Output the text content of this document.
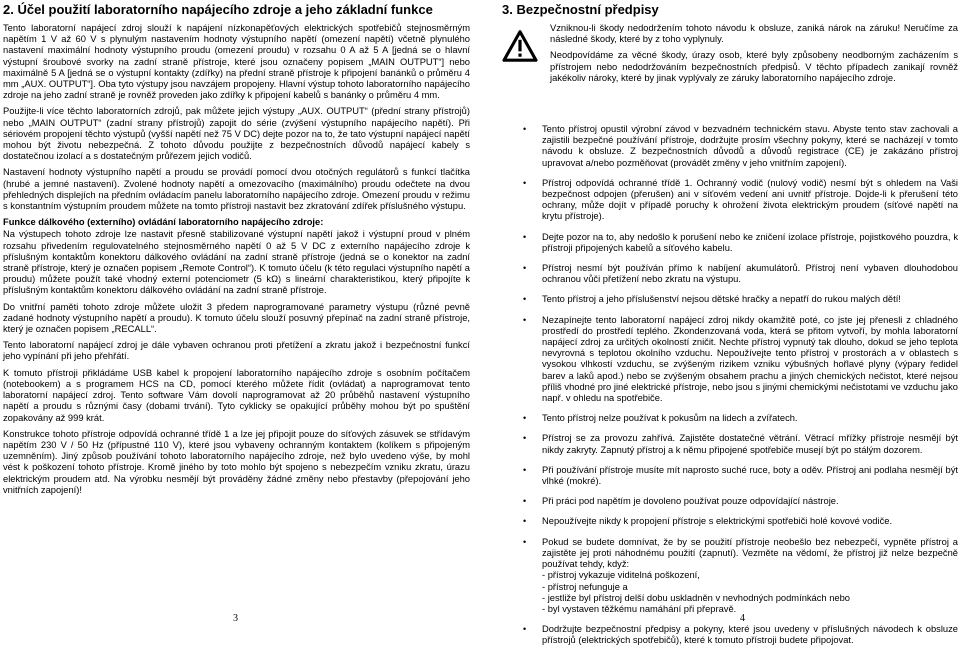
2. Účel použití laboratorního napájecího zdroje a jeho základní funkce

Tento laboratorní napájecí zdroj slouží k napájení nízkonapěťových elektrických spotřebičů stejnosměrným napětím 1 V až 60 V s plynulým nastavením hodnoty výstupního napětí (omezení napětí) včetně plynulého nastavení maximální hodnoty výstupního proudu (omezení proudu) v rozsahu 0 A až 5 A [jedná se o hlavní výstupní šroubové svorky na zadní straně přístroje, které jsou označeny popisem „MAIN OUTPUT“] nebo maximálně 5 A [jedná se o výstupní kontakty (zdířky) na přední straně přístroje k připojení banánků o průměru 4 mm „AUX. OUTPUT“]. Oba tyto výstupy jsou navzájem propojeny. Hlavní výstup tohoto laboratorního napájecího zdroje na jeho zadní straně je rovněž proveden jako zdířky k připojení kabelů s banánky o průměru 4 mm.

Použijte-li více těchto laboratorních zdrojů, pak můžete jejich výstupy „AUX. OUTPUT“ (přední strany přístrojů) nebo „MAIN OUTPUT“ (zadní strany přístrojů) zapojit do série (zvýšení výstupního napájecího napětí). Při sériovém propojení těchto výstupů (vyšší napětí než 75 V DC) dejte pozor na to, že tato výstupní napájecí napětí mohou být životu nebezpečná. Z tohoto důvodu použijte z bezpečnostních důvodů napájecí kabely s dostatečnou izolací a s dostatečným průřezem jejich vodičů.

Nastavení hodnoty výstupního napětí a proudu se provádí pomocí dvou otočných regulátorů s funkcí tlačítka (hrubé a jemné nastavení). Zvolené hodnoty napětí a omezovacího (maximálního) proudu odečtete na dvou přehledných displejích na předním ovládacím panelu laboratorního napájecího zdroje. Omezení proudu v režimu s konstantním výstupním proudem můžete na tomto přístroji nastavit bez zkratování zdířek příslušného výstupu.

Funkce dálkového (externího) ovládání laboratorního napájecího zdroje:

Na výstupech tohoto zdroje lze nastavit přesně stabilizované výstupní napětí jakož i výstupní proud v plném rozsahu přivedením regulovatelného stejnosměrného napětí 0 až 5 V DC z externího napájecího zdroje k příslušným kontaktům konektoru dálkového ovládání na zadní straně přístroje (jedná se o konektor na zadní straně přístroje, který je označen popisem „Remote Control“). K tomuto účelu (k této regulaci výstupního napětí a proudu) můžete použít také vhodný externí potenciometr (5 kΩ) s lineární charakteristikou, který připojíte k příslušným kontaktům konektoru dálkového ovládání na zadní straně přístroje.

Do vnitřní paměti tohoto zdroje můžete uložit 3 předem naprogramované parametry výstupu (různé pevně zadané hodnoty výstupního napětí a proudu). K tomuto účelu slouží posuvný přepínač na zadní straně přístroje, který je označen popisem „RECALL“.

Tento laboratorní napájecí zdroj je dále vybaven ochranou proti přetížení a zkratu jakož i bezpečnostní funkcí jeho vypínání při jeho přehřátí.

K tomuto přístroji přikládáme USB kabel k propojení laboratorního napájecího zdroje s osobním počítačem (notebookem) a s programem HCS na CD, pomocí kterého můžete řídit (ovládat) a naprogramovat tento laboratorní napájecí zdroj. Tento software Vám dovolí naprogramovat až 20 průběhů nastavení výstupního napětí a proudu s různými časy (dobami trvání). Tyto cyklicky se opakující průběhy mohou být po spuštění zopakovány až 999 krát.

Konstrukce tohoto přístroje odpovídá ochranné třídě 1 a lze jej připojit pouze do síťových zásuvek se střídavým napětím 230 V / 50 Hz (přípustné 110 V), které jsou vybaveny ochranným kontaktem (kolíkem s připojeným uzemněním). Jiný způsob používání tohoto laboratorního napájecího zdroje, než bylo uvedeno výše, by mohl vést k poškození tohoto přístroje. Kromě jiného by toto mohlo být spojeno s nebezpečím vzniku zkratu, úrazu elektrickým proudem atd. Na výrobku nesmějí být prováděny žádné změny nebo přestavby (přepojování jeho vnitřních zapojení)!

3
3. Bezpečnostní předpisy

Vzniknou-li škody nedodržením tohoto návodu k obsluze, zaniká nárok na záruku! Neručíme za následné škody, které by z toho vyplynuly.

Neodpovídáme za věcné škody, úrazy osob, které byly způsobeny neodborným zacházením s přístrojem nebo nedodržováním bezpečnostních předpisů. V těchto případech zanikají rovněž jakékoliv nároky, které by jinak vyplývaly ze záruky laboratorního napájecího zdroje.

• Tento přístroj opustil výrobní závod v bezvadném technickém stavu. Abyste tento stav zachovali a zajistili bezpečné používání přístroje, dodržujte prosím všechny pokyny, které se nacházejí v tomto návodu k obsluze. Z bezpečnostních důvodů a důvodů registrace (CE) je zakázáno přístroj upravovat a/nebo pozměňovat (provádět změny v jeho vnitřním zapojení).
• Přístroj odpovídá ochranné třídě 1. Ochranný vodič (nulový vodič) nesmí být s ohledem na Vaši bezpečnost odpojen (přerušen) ani v síťovém vedení ani uvnitř přístroje. Dojde-li k přerušení této ochrany, může dojít v případě poruchy k ohrožení života elektrickým proudem (síťové napětí na krytu přístroje).
• Dejte pozor na to, aby nedošlo k porušení nebo ke zničení izolace přístroje, pojistkového pouzdra, k přístroji připojených kabelů a síťového kabelu.
• Přístroj nesmí být používán přímo k nabíjení akumulátorů. Přístroj není vybaven dlouhodobou ochranou vůči přetížení nebo zkratu na výstupu.
• Tento přístroj a jeho příslušenství nejsou dětské hračky a nepatří do rukou malých dětí!
• Nezapínejte tento laboratorní napájecí zdroj nikdy okamžitě poté, co jste jej přenesli z chladného prostředí do prostředí teplého. Zkondenzovaná voda, která se přitom vytvoří, by mohla laboratorní napájecí zdroj za určitých okolností zničit. Nechte přístroj vypnutý tak dlouho, dokud se jeho teplota nevyrovná s teplotou okolního vzduchu. Nepoužívejte tento přístroj v prostorách a v oblastech s vysokou vlhkostí vzduchu, se zvýšeným rizikem vzniku výbušných hořlavé plyny (výpary ředidel barev a laků apod.) nebo se zvýšeným obsahem prachu a jiných chemických nečistot, které nejsou příliš vhodné pro jiné elektrické přístroje, nebo jsou s jinými chemickými nečistotami ve vzduchu jako např. v ohledu na spotřebiče.
• Tento přístroj nelze používat k pokusům na lidech a zvířatech.
• Přístroj se za provozu zahřívá. Zajistěte dostatečné větrání. Větrací mřížky přístroje nesmějí být nikdy zakryty. Zapnutý přístroj a k němu připojené spotřebiče musejí být po stálým dozorem.
• Při používání přístroje musíte mít naprosto suché ruce, boty a oděv. Přístroj ani podlaha nesmějí být vlhké (mokré).
• Při práci pod napětím je dovoleno používat pouze odpovídající nástroje.
• Nepoužívejte nikdy k propojení přístroje s elektrickými spotřebiči holé kovové vodiče.
• Pokud se budete domnívat, že by se použití přístroje neobešlo bez nebezpečí, vypněte přístroj a zajistěte jej proti náhodnému použití (zapnutí). Vezměte na vědomí, že přístroj již nelze bezpečně používat tehdy, když:
- přístroj vykazuje viditelná poškození,
- přístroj nefunguje a
- jestliže byl přístroj delší dobu uskladněn v nevhodných podmínkách nebo
- byl vystaven těžkému namáhání při přepravě.
• Dodržujte bezpečnostní předpisy a pokyny, které jsou uvedeny v příslušných návodech k obsluze přístrojů (elektrických spotřebičů), které k tomuto přístroji budete připojovat.
4
